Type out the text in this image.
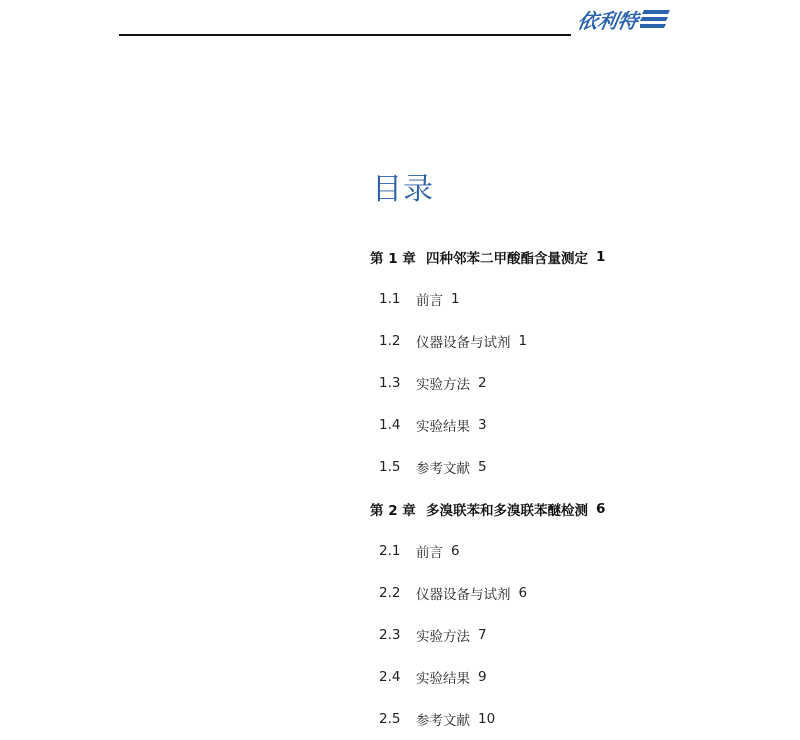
依利特
目录
第 1 章 四种邻苯二甲酸酯含量测定 1
1.1	前言 1
1.2	仪器设备与试剂 1
1.3	实验方法 2
1.4	实验结果 3
1.5	参考文献 5
第 2 章 多溴联苯和多溴联苯醚检测 6
2.1	前言 6
2.2	仪器设备与试剂 6
2.3	实验方法 7
2.4	实验结果 9
2.5	参考文献 10
